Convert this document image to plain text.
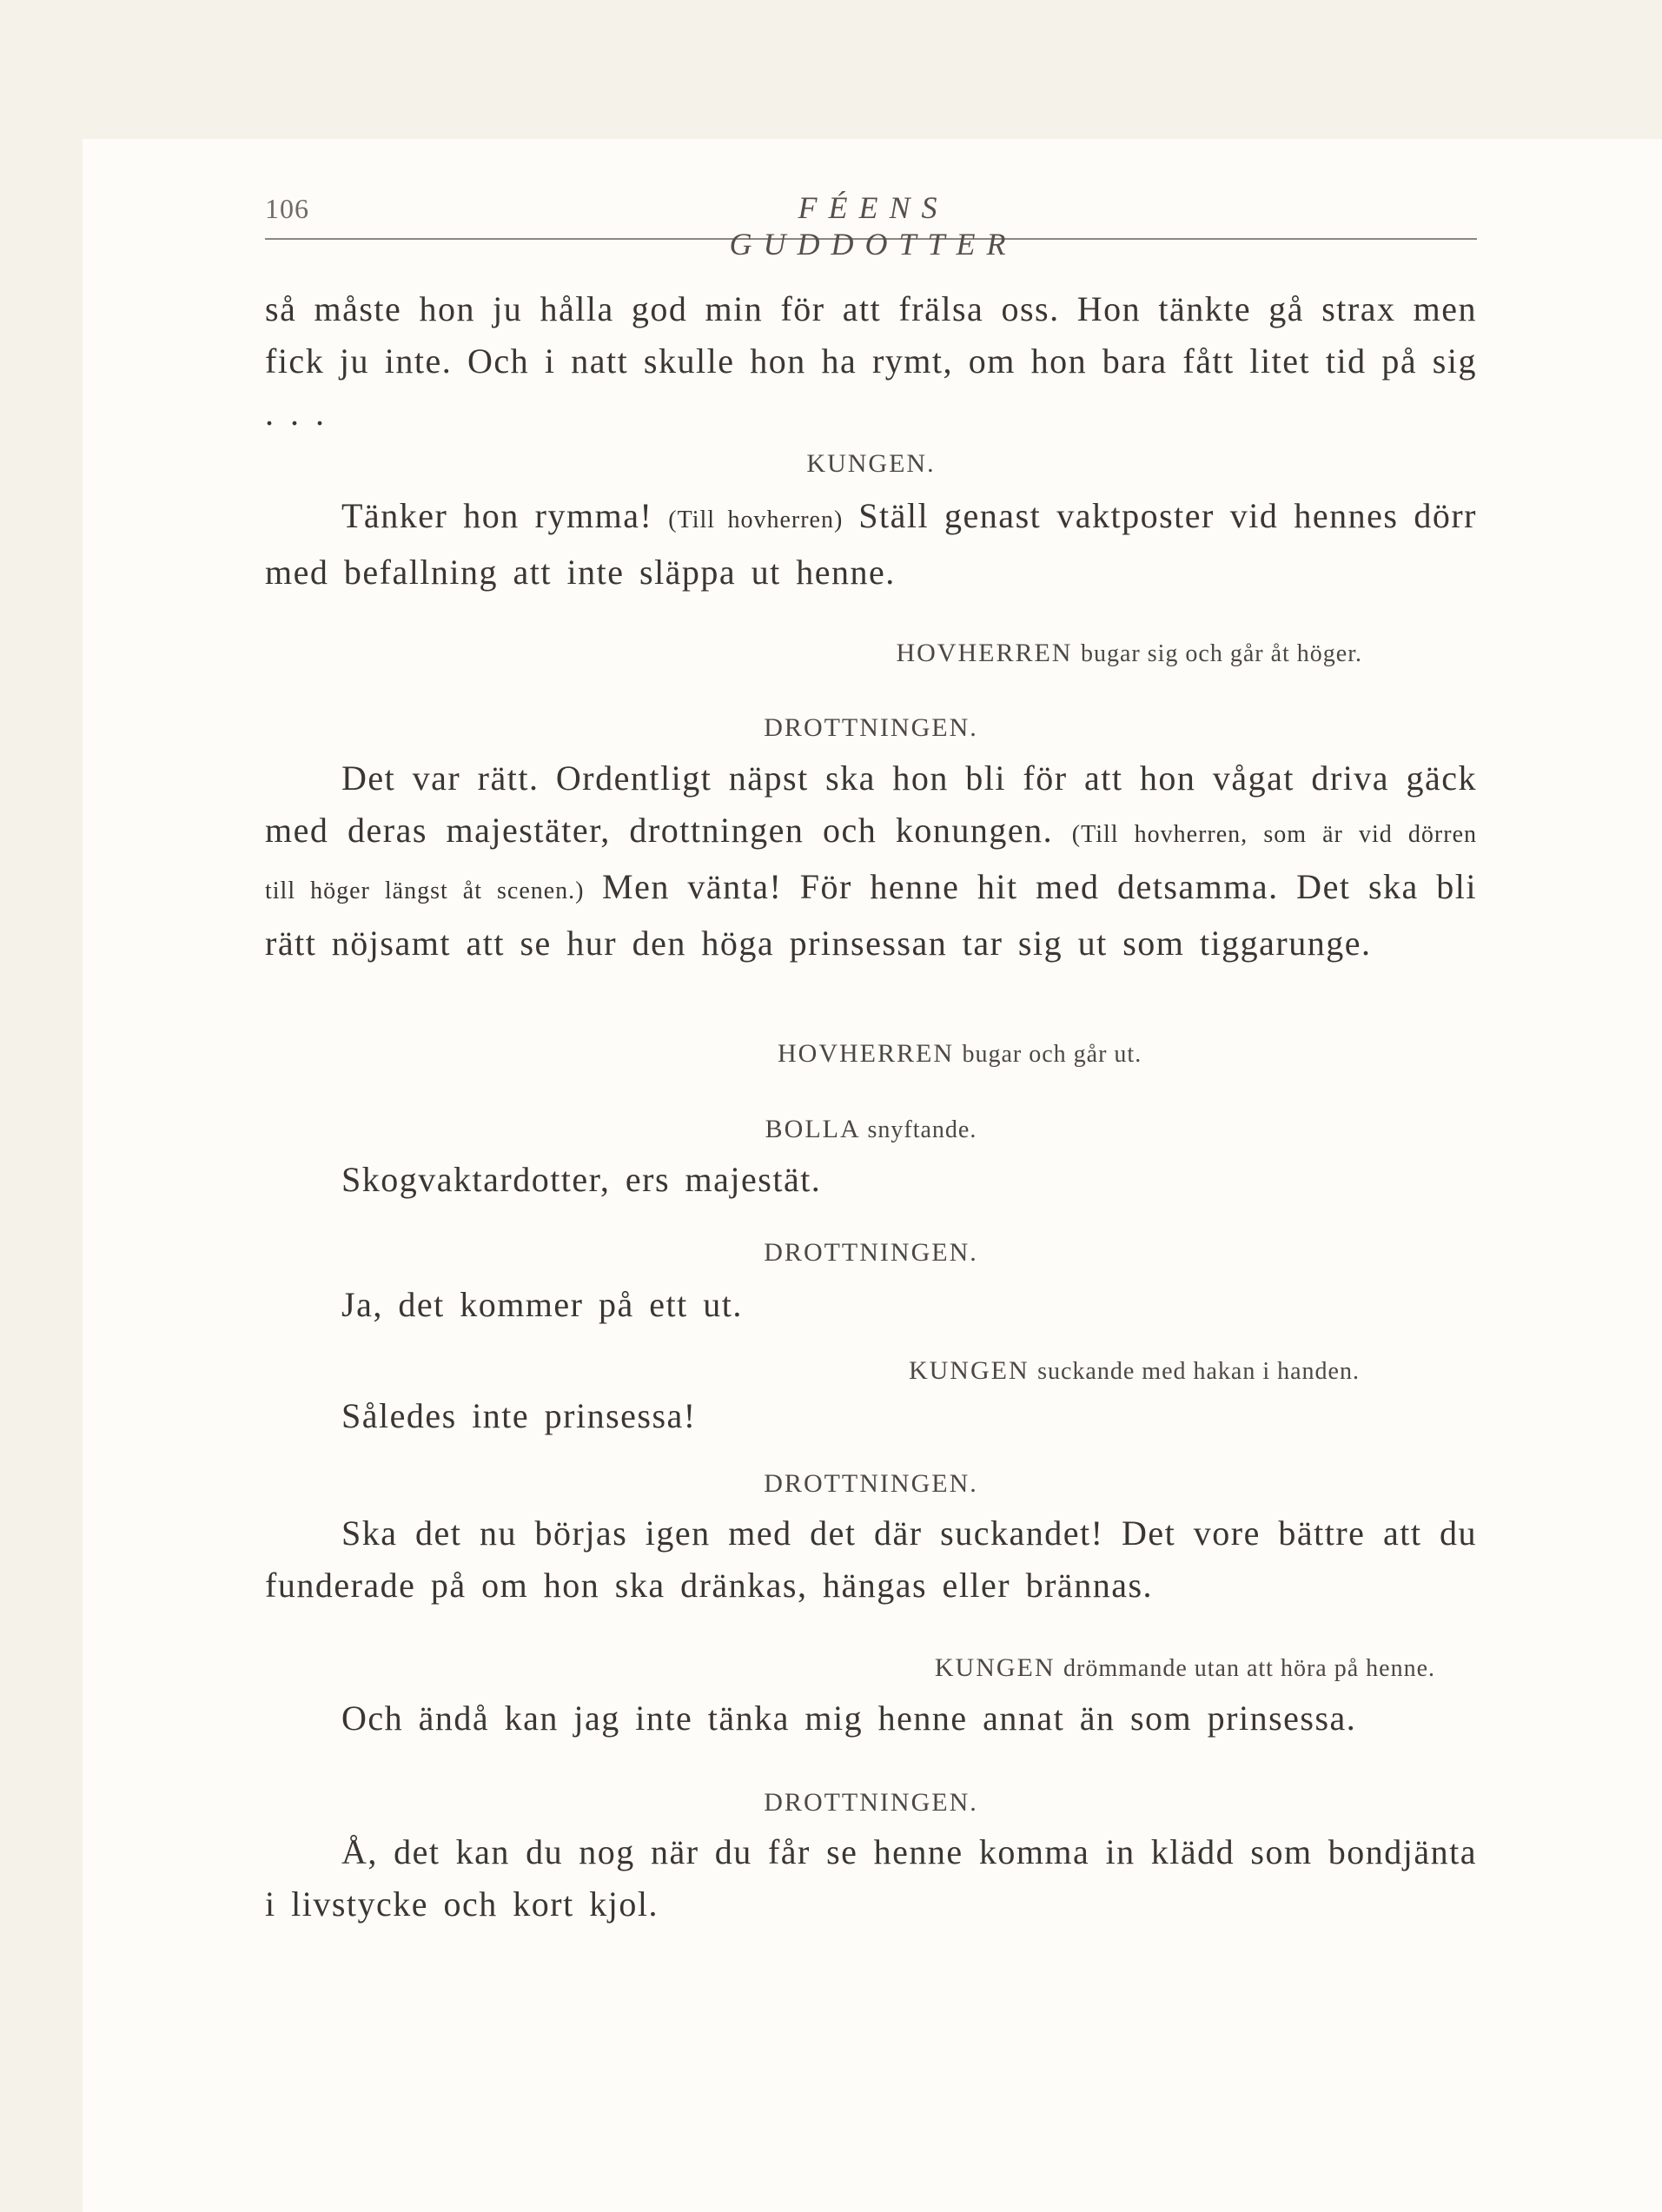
106	FÉENS GUDDOTTER

så måste hon ju hålla god min för att frälsa oss. Hon tänkte gå strax men fick ju inte. Och i natt skulle hon ha rymt, om hon bara fått litet tid på sig . . .

KUNGEN.

Tänker hon rymma! (Till hovherren) Ställ genast vaktposter vid hennes dörr med befallning att inte släppa ut henne.

HOVHERREN bugar sig och går åt höger.

DROTTNINGEN.

Det var rätt. Ordentligt näpst ska hon bli för att hon vågat driva gäck med deras majestäter, drottningen och konungen. (Till hovherren, som är vid dörren till höger längst åt scenen.) Men vänta! För henne hit med detsamma. Det ska bli rätt nöjsamt att se hur den höga prinsessan tar sig ut som tiggarunge.

HOVHERREN bugar och går ut.

BOLLA snyftande.

Skogvaktardotter, ers majestät.

DROTTNINGEN.

Ja, det kommer på ett ut.

KUNGEN suckande med hakan i handen.

Således inte prinsessa!

DROTTNINGEN.

Ska det nu börjas igen med det där suckandet! Det vore bättre att du funderade på om hon ska dränkas, hängas eller brännas.

KUNGEN drömmande utan att höra på henne.

Och ändå kan jag inte tänka mig henne annat än som prinsessa.

DROTTNINGEN.

Å, det kan du nog när du får se henne komma in klädd som bondjänta i livstycke och kort kjol.
